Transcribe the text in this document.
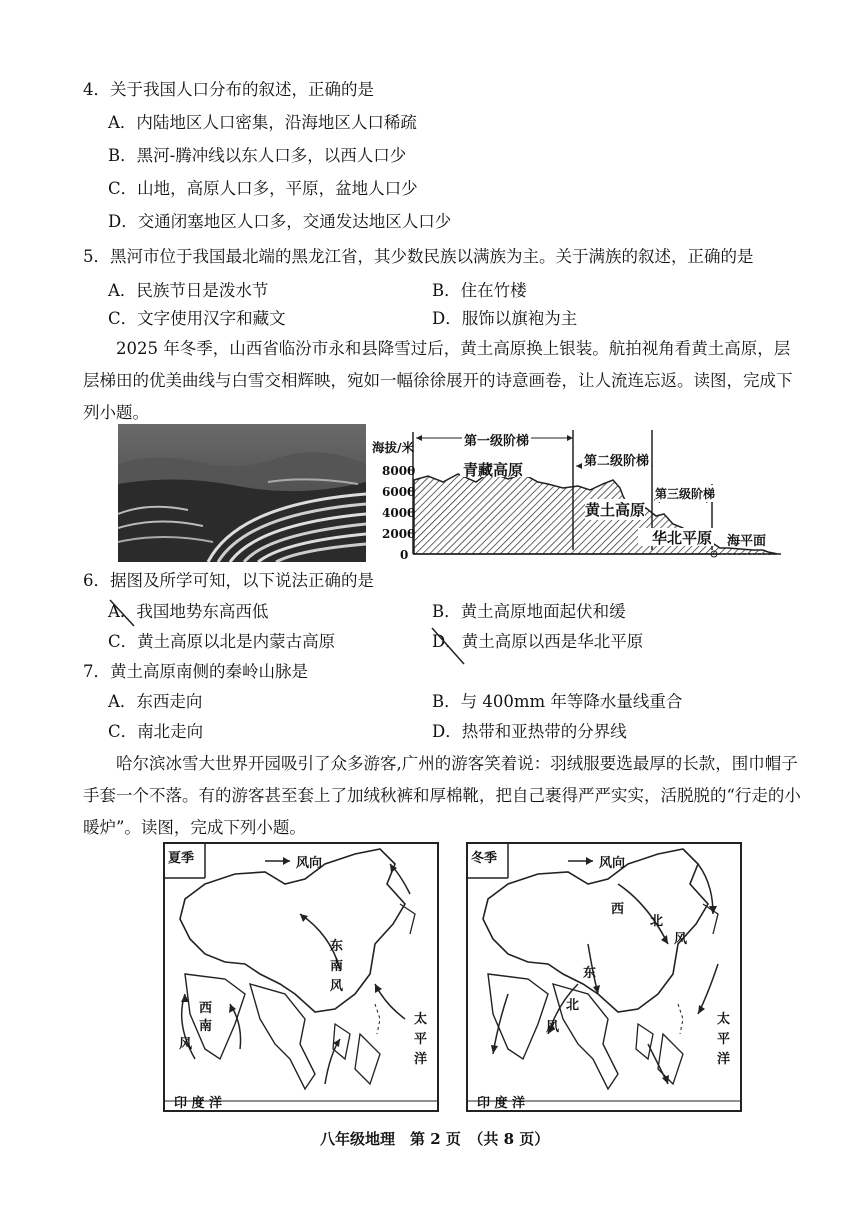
4．关于我国人口分布的叙述，正确的是
A．内陆地区人口密集，沿海地区人口稀疏
B．黑河-腾冲线以东人口多，以西人口少
C．山地，高原人口多，平原，盆地人口少
D．交通闭塞地区人口多，交通发达地区人口少
5．黑河市位于我国最北端的黑龙江省，其少数民族以满族为主。关于满族的叙述，正确的是
A．民族节日是泼水节	B．住在竹楼
C．文字使用汉字和藏文	D．服饰以旗袍为主
2025 年冬季，山西省临汾市永和县降雪过后，黄土高原换上银装。航拍视角看黄土高原，层层梯田的优美曲线与白雪交相辉映，宛如一幅徐徐展开的诗意画卷，让人流连忘返。读图，完成下列小题。
海拔/米
8000
6000
4000
2000
0
第一级阶梯
第二级阶梯
第三级阶梯
青藏高原
黄土高原
华北平原 海平面
6．据图及所学可知，以下说法正确的是
A．我国地势东高西低	B．黄土高原地面起伏和缓
C．黄土高原以北是内蒙古高原	D．黄土高原以西是华北平原
7．黄土高原南侧的秦岭山脉是
A．东西走向	B．与 400mm 年等降水量线重合
C．南北走向	D．热带和亚热带的分界线
哈尔滨冰雪大世界开园吸引了众多游客,广州的游客笑着说：羽绒服要选最厚的长款，围巾帽子手套一个不落。有的游客甚至套上了加绒秋裤和厚棉靴，把自己裹得严严实实，活脱脱的“行走的小暖炉”。读图，完成下列小题。
夏季	风向
东
南
风
西
南
风
太
平
洋
印 度 洋
冬季	风向
西
北
风
东
北
风
太
平
洋
印 度 洋
八年级地理　第 2 页　（共 8 页）
